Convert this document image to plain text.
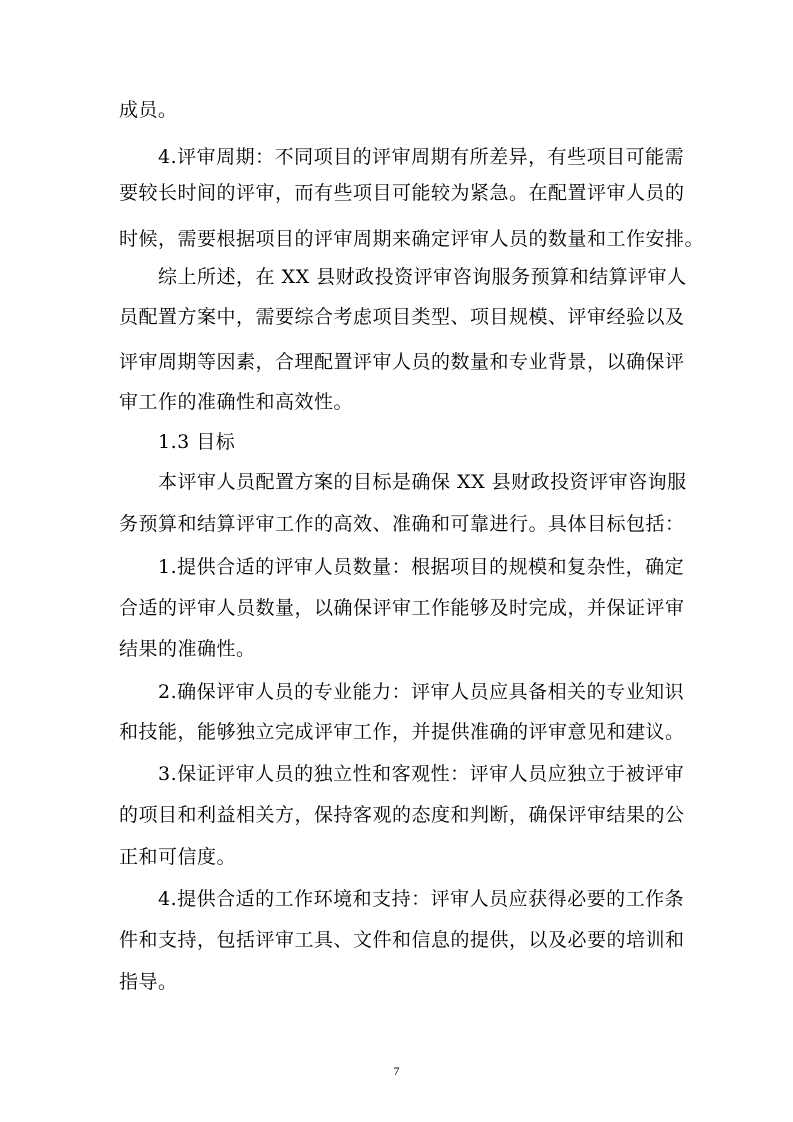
成员。
4.评审周期：不同项目的评审周期有所差异，有些项目可能需
要较长时间的评审，而有些项目可能较为紧急。在配置评审人员的
时候，需要根据项目的评审周期来确定评审人员的数量和工作安排。
综上所述，在 XX 县财政投资评审咨询服务预算和结算评审人
员配置方案中，需要综合考虑项目类型、项目规模、评审经验以及
评审周期等因素，合理配置评审人员的数量和专业背景，以确保评
审工作的准确性和高效性。
1.3 目标
本评审人员配置方案的目标是确保 XX 县财政投资评审咨询服
务预算和结算评审工作的高效、准确和可靠进行。具体目标包括：
1.提供合适的评审人员数量：根据项目的规模和复杂性，确定
合适的评审人员数量，以确保评审工作能够及时完成，并保证评审
结果的准确性。
2.确保评审人员的专业能力：评审人员应具备相关的专业知识
和技能，能够独立完成评审工作，并提供准确的评审意见和建议。
3.保证评审人员的独立性和客观性：评审人员应独立于被评审
的项目和利益相关方，保持客观的态度和判断，确保评审结果的公
正和可信度。
4.提供合适的工作环境和支持：评审人员应获得必要的工作条
件和支持，包括评审工具、文件和信息的提供，以及必要的培训和
指导。
7
